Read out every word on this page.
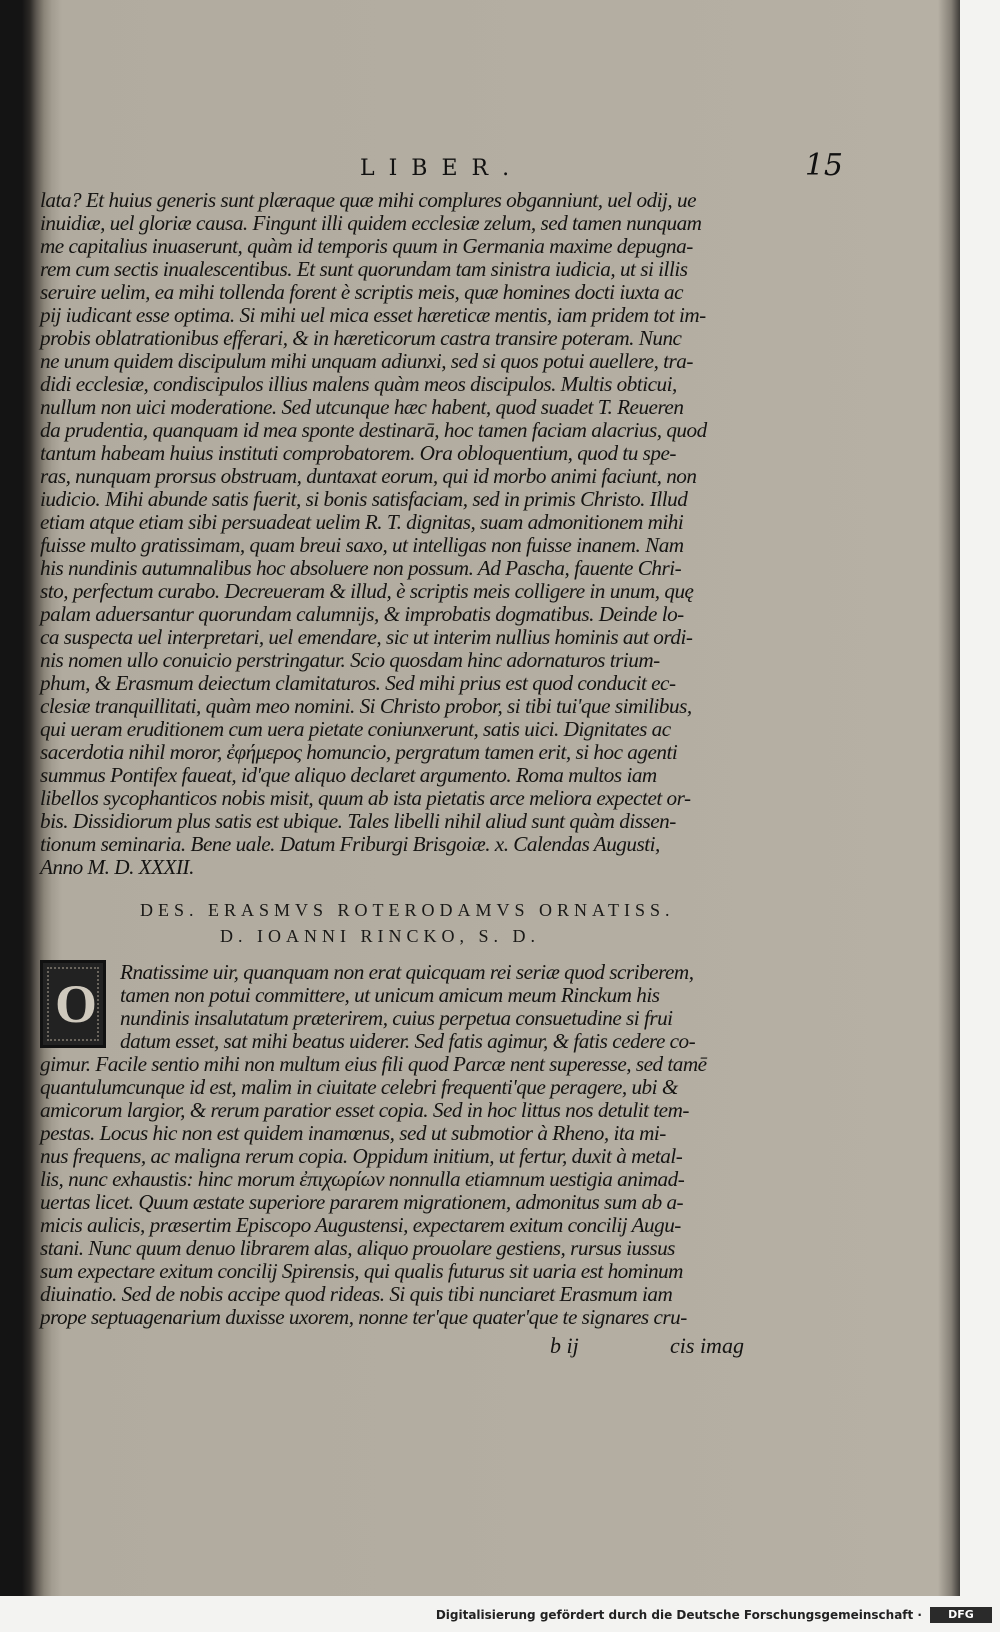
LIBER.	15
lata? Et huius generis sunt plæraque quæ mihi complures obganniunt, uel odij, ue
inuidiæ, uel gloriæ causa. Fingunt illi quidem ecclesiæ zelum, sed tamen nunquam
me capitalius inuaserunt, quàm id temporis quum in Germania maxime depugna-
rem cum sectis inualescentibus. Et sunt quorundam tam sinistra iudicia, ut si illis
seruire uelim, ea mihi tollenda forent è scriptis meis, quæ homines docti iuxta ac
pij iudicant esse optima. Si mihi uel mica esset hæreticæ mentis, iam pridem tot im-
probis oblatrationibus efferari, & in hæreticorum castra transire poteram. Nunc
ne unum quidem discipulum mihi unquam adiunxi, sed si quos potui auellere, tra-
didi ecclesiæ, condiscipulos illius malens quàm meos discipulos. Multis obticui,
nullum non uici moderatione. Sed utcunque hæc habent, quod suadet T. Reueren
da prudentia, quanquam id mea sponte destinarā, hoc tamen faciam alacrius, quod
tantum habeam huius instituti comprobatorem. Ora obloquentium, quod tu spe-
ras, nunquam prorsus obstruam, duntaxat eorum, qui id morbo animi faciunt, non
iudicio. Mihi abunde satis fuerit, si bonis satisfaciam, sed in primis Christo. Illud
etiam atque etiam sibi persuadeat uelim R. T. dignitas, suam admonitionem mihi
fuisse multo gratissimam, quam breui saxo, ut intelligas non fuisse inanem. Nam
his nundinis autumnalibus hoc absoluere non possum. Ad Pascha, fauente Chri-
sto, perfectum curabo. Decreueram & illud, è scriptis meis colligere in unum, quę
palam aduersantur quorundam calumnijs, & improbatis dogmatibus. Deinde lo-
ca suspecta uel interpretari, uel emendare, sic ut interim nullius hominis aut ordi-
nis nomen ullo conuicio perstringatur. Scio quosdam hinc adornaturos trium-
phum, & Erasmum deiectum clamitaturos. Sed mihi prius est quod conducit ec-
clesiæ tranquillitati, quàm meo nomini. Si Christo probor, si tibi tui'que similibus,
qui ueram eruditionem cum uera pietate coniunxerunt, satis uici. Dignitates ac
sacerdotia nihil moror, ἐφήμερος homuncio, pergratum tamen erit, si hoc agenti
summus Pontifex faueat, id'que aliquo declaret argumento. Roma multos iam
libellos sycophanticos nobis misit, quum ab ista pietatis arce meliora expectet or-
bis. Dissidiorum plus satis est ubique. Tales libelli nihil aliud sunt quàm dissen-
tionum seminaria. Bene uale. Datum Friburgi Brisgoiæ. x. Calendas Augusti,
Anno M. D. XXXII.
DES. ERASMVS ROTERODAMVS ORNATISS.
D. IOANNI RINCKO, S. D.
O
Rnatissime uir, quanquam non erat quicquam rei seriæ quod scriberem,
tamen non potui committere, ut unicum amicum meum Rinckum his
nundinis insalutatum præterirem, cuius perpetua consuetudine si frui
datum esset, sat mihi beatus uiderer. Sed fatis agimur, & fatis cedere co-
gimur. Facile sentio mihi non multum eius fili quod Parcæ nent superesse, sed tamē
quantulumcunque id est, malim in ciuitate celebri frequenti'que peragere, ubi &
amicorum largior, & rerum paratior esset copia. Sed in hoc littus nos detulit tem-
pestas. Locus hic non est quidem inamœnus, sed ut submotior à Rheno, ita mi-
nus frequens, ac maligna rerum copia. Oppidum initium, ut fertur, duxit à metal-
lis, nunc exhaustis: hinc morum ἐπιχωρίων nonnulla etiamnum uestigia animad-
uertas licet. Quum æstate superiore pararem migrationem, admonitus sum ab a-
micis aulicis, præsertim Episcopo Augustensi, expectarem exitum concilij Augu-
stani. Nunc quum denuo librarem alas, aliquo prouolare gestiens, rursus iussus
sum expectare exitum concilij Spirensis, qui qualis futurus sit uaria est hominum
diuinatio. Sed de nobis accipe quod rideas. Si quis tibi nunciaret Erasmum iam
prope septuagenarium duxisse uxorem, nonne ter'que quater'que te signares cru-
b ij	cis imag
Digitalisierung gefördert durch die Deutsche Forschungsgemeinschaft ·	DFG
